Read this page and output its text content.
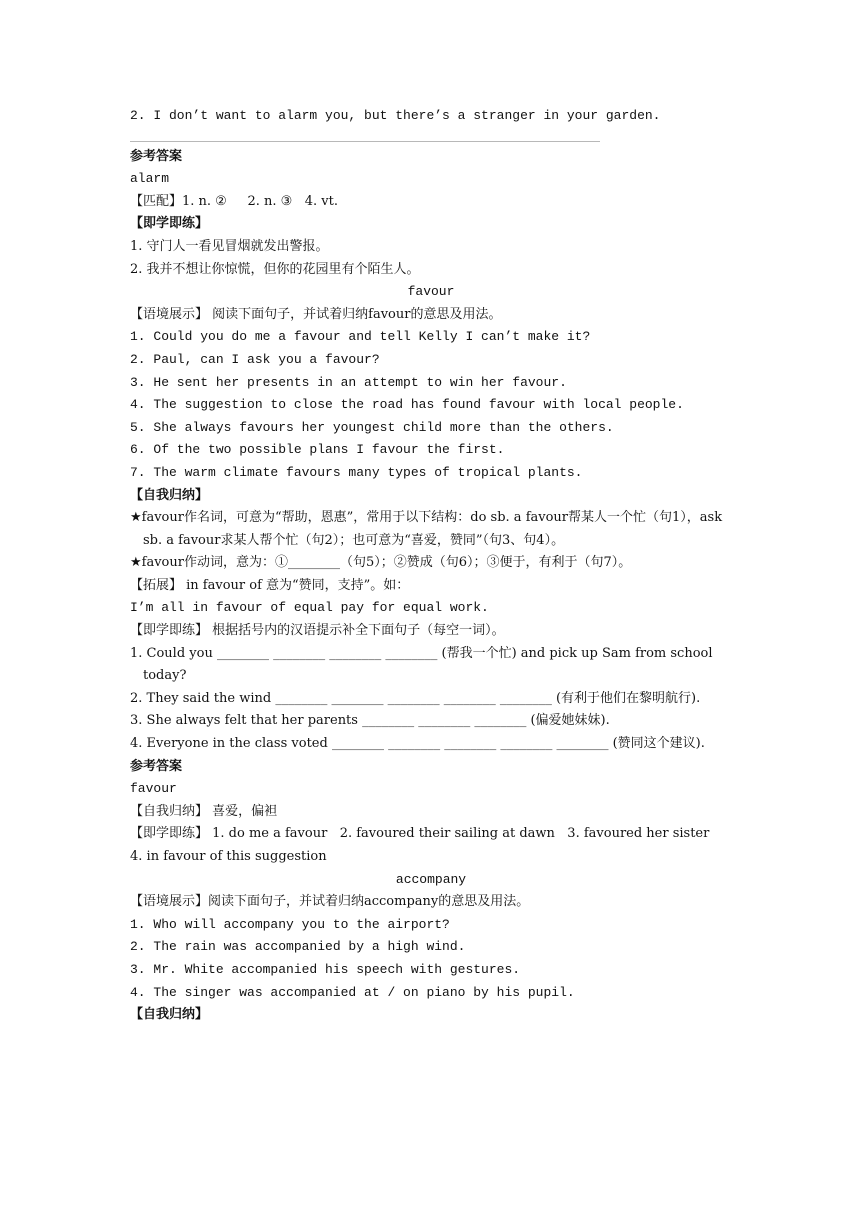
2. I don’t want to alarm you, but there’s a stranger in your garden.
参考答案
alarm
【匹配】1. n. ②     2. n. ③   4. vt.
【即学即练】
1. 守门人一看见冒烟就发出警报。
2. 我并不想让你惊慌，但你的花园里有个陌生人。
favour
【语境展示】 阅读下面句子，并试着归纳favour的意思及用法。
1. Could you do me a favour and tell Kelly I can’t make it?
2. Paul, can I ask you a favour?
3. He sent her presents in an attempt to win her favour.
4. The suggestion to close the road has found favour with local people.
5. She always favours her youngest child more than the others.
6. Of the two possible plans I favour the first.
7. The warm climate favours many types of tropical plants.
【自我归纳】
★favour作名词，可意为“帮助，恩惠”，常用于以下结构：do sb. a favour帮某人一个忙（句1），ask sb. a favour求某人帮个忙（句2）；也可意为“喜爱，赞同”（句3、句4）。
★favour作动词，意为：①________（句5）；②赞成（句6）；③便于，有利于（句7）。
【拓展】 in favour of 意为“赞同，支持”。如：
I’m all in favour of equal pay for equal work.
【即学即练】 根据括号内的汉语提示补全下面句子（每空一词）。
1. Could you ________ ________ ________ ________ (帮我一个忙) and pick up Sam from school today?
2. They said the wind ________ ________ ________ ________ ________ (有利于他们在黎明航行).
3. She always felt that her parents ________ ________ ________ (偏爱她妹妹).
4. Everyone in the class voted ________ ________ ________ ________ ________ (赞同这个建议).
参考答案
favour
【自我归纳】 喜爱，偏袒
【即学即练】 1. do me a favour   2. favoured their sailing at dawn   3. favoured her sister   4. in favour of this suggestion
accompany
【语境展示】阅读下面句子，并试着归纳accompany的意思及用法。
1. Who will accompany you to the airport?
2. The rain was accompanied by a high wind.
3. Mr. White accompanied his speech with gestures.
4. The singer was accompanied at / on piano by his pupil.
【自我归纳】
